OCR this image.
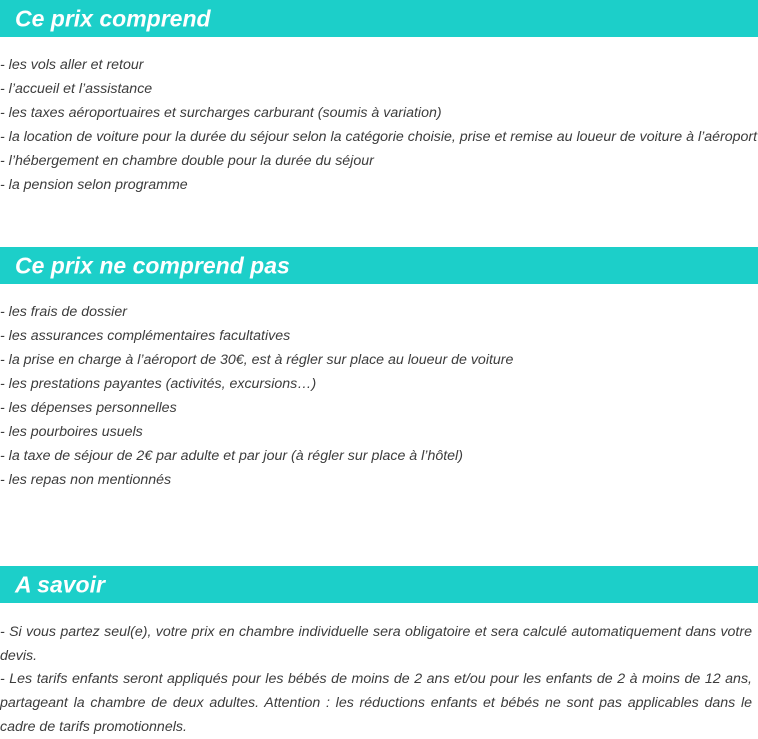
Ce prix comprend
- les vols aller et retour
- l’accueil et l’assistance
- les taxes aéroportuaires et surcharges carburant (soumis à variation)
- la location de voiture pour la durée du séjour selon la catégorie choisie, prise et remise au loueur de voiture à l’aéroport
- l’hébergement en chambre double pour la durée du séjour
- la pension selon programme
Ce prix ne comprend pas
- les frais de dossier
- les assurances complémentaires facultatives
- la prise en charge à l’aéroport de 30€, est à régler sur place au loueur de voiture
- les prestations payantes (activités, excursions…)
- les dépenses personnelles
- les pourboires usuels
- la taxe de séjour de 2€ par adulte et par jour (à régler sur place à l’hôtel)
- les repas non mentionnés
A savoir

- Si vous partez seul(e), votre prix en chambre individuelle sera obligatoire et sera calculé automatiquement dans votre devis.

- Les tarifs enfants seront appliqués pour les bébés de moins de 2 ans et/ou pour les enfants de 2 à moins de 12 ans, partageant la chambre de deux adultes. Attention : les réductions enfants et bébés ne sont pas applicables dans le cadre de tarifs promotionnels.
